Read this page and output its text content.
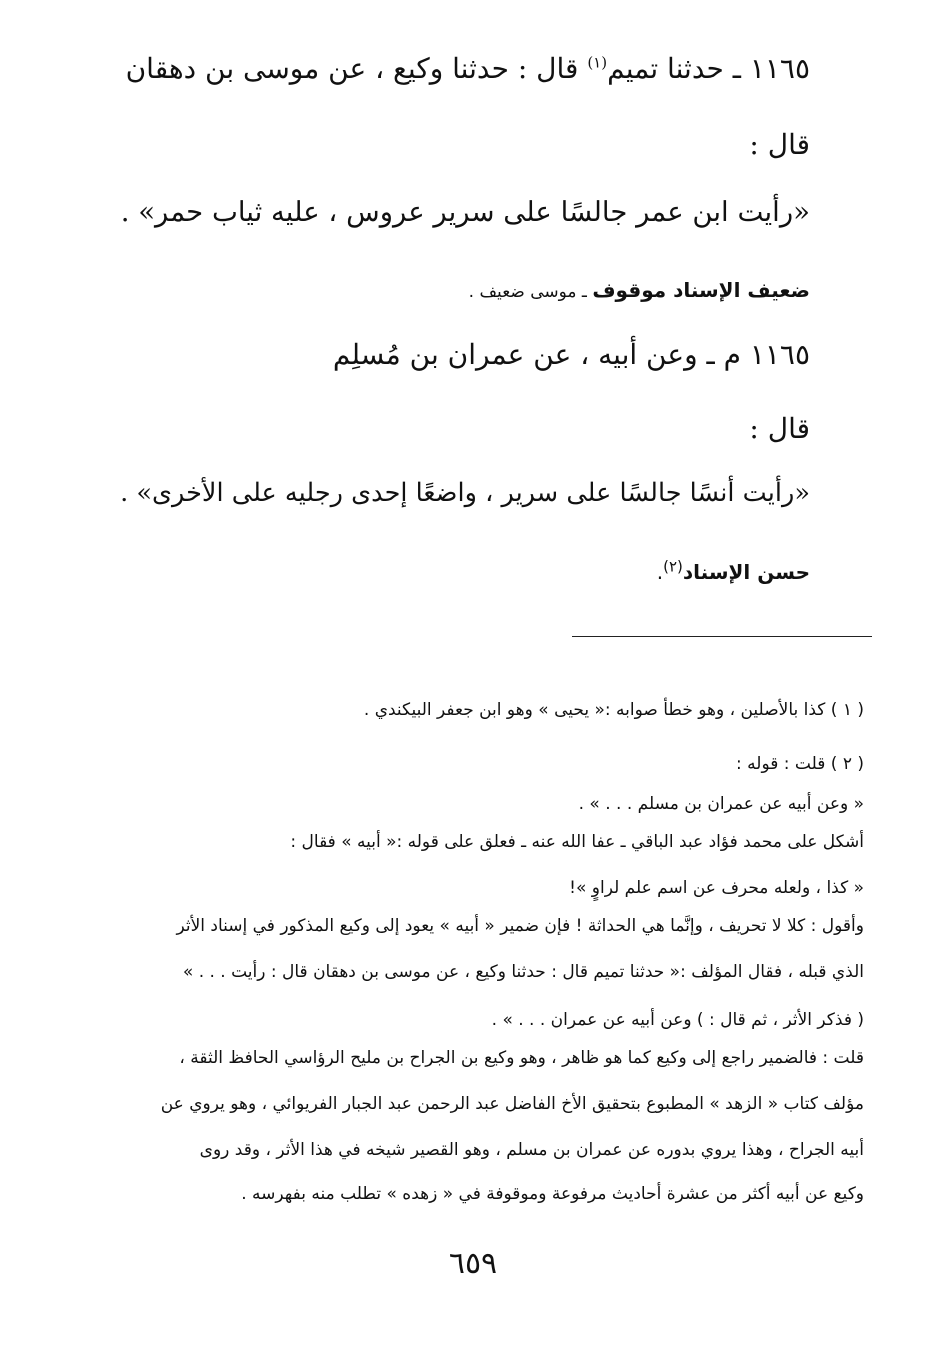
١١٦٥ ـ حدثنا تميم$^{(١)}$ قال : حدثنا وكيع ، عن موسى بن دهقان
قال :
«رأيت ابن عمر جالسًا على سرير عروس ، عليه ثياب حمر» .
ضعيف الإسناد موقوف ـ موسى ضعيف .
١١٦٥ م ـ وعن أبيه ، عن عمران بن مُسلِم
قال :
«رأيت أنسًا جالسًا على سرير ، واضعًا إحدى رجليه على الأخرى» .
حسن الإسناد$^{(٢)}$.
( ١ ) كذا بالأصلين ، وهو خطأ صوابه :« يحيى » وهو ابن جعفر البيكندي .
( ٢ ) قلت : قوله :
« وعن أبيه عن عمران بن مسلم . . . » .
أشكل على محمد فؤاد عبد الباقي ـ عفا الله عنه ـ فعلق على قوله :« أبيه » فقال :
« كذا ، ولعله محرف عن اسم علم لراوٍ »!
وأقول : كلا لا تحريف ، وإنَّما هي الحداثة ! فإن ضمير « أبيه » يعود إلى وكيع المذكور في إسناد الأثر
الذي قبله ، فقال المؤلف :« حدثنا تميم قال : حدثنا وكيع ، عن موسى بن دهقان قال : رأيت . . . »
( فذكر الأثر ، ثم قال : ) وعن أبيه عن عمران . . . » .
قلت : فالضمير راجع إلى وكيع كما هو ظاهر ، وهو وكيع بن الجراح بن مليح الرؤاسي الحافظ الثقة ،
مؤلف كتاب « الزهد » المطبوع بتحقيق الأخ الفاضل عبد الرحمن عبد الجبار الفريوائي ، وهو يروي عن
أبيه الجراح ، وهذا يروي بدوره عن عمران بن مسلم ، وهو القصير شيخه في هذا الأثر ، وقد روى
وكيع عن أبيه أكثر من عشرة أحاديث مرفوعة وموقوفة في « زهده » تطلب منه بفهرسه .
٦٥٩
